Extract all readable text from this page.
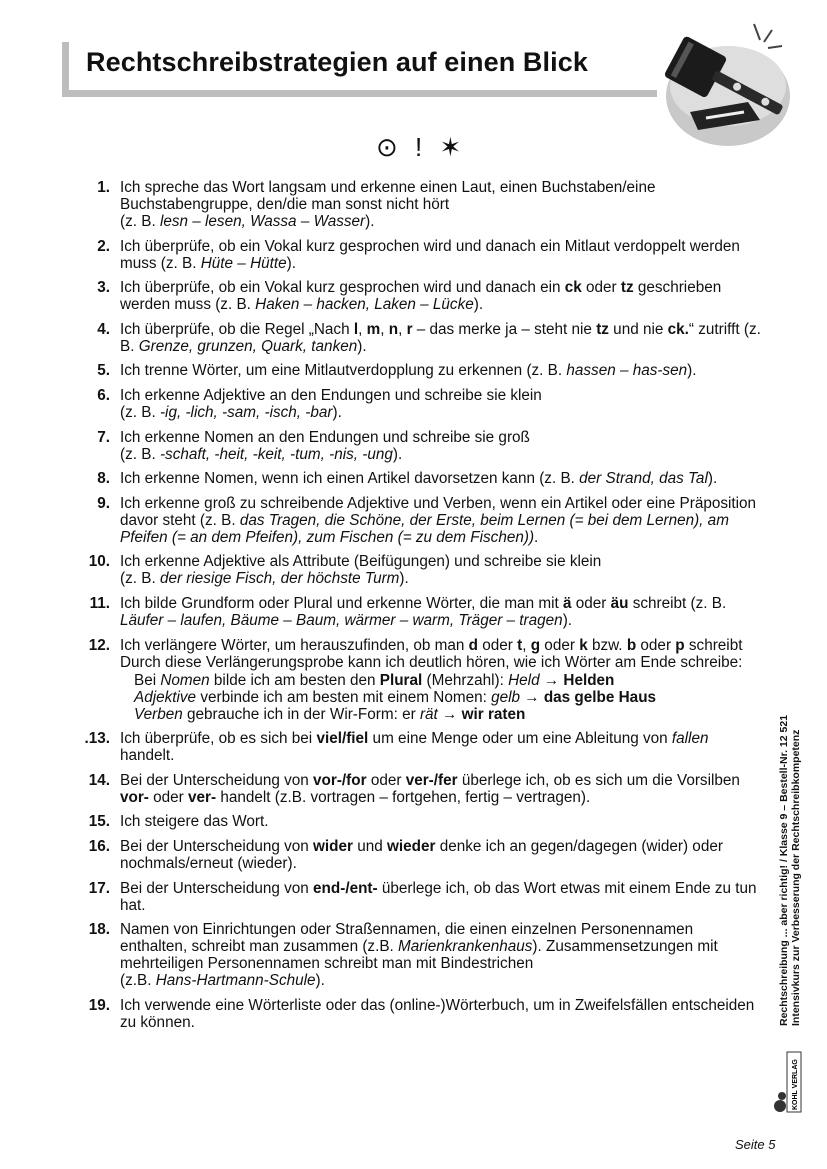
Rechtschreibstrategien auf einen Blick
⊙ ! ✶
1. Ich spreche das Wort langsam und erkenne einen Laut, einen Buchstaben/eine Buchstabengruppe, den/die man sonst nicht hört
(z. B. lesn – lesen, Wassa – Wasser).
2. Ich überprüfe, ob ein Vokal kurz gesprochen wird und danach ein Mitlaut verdoppelt werden muss (z. B. Hüte – Hütte).
3. Ich überprüfe, ob ein Vokal kurz gesprochen wird und danach ein ck oder tz geschrieben werden muss (z. B. Haken – hacken, Laken – Lücke).
4. Ich überprüfe, ob die Regel „Nach l, m, n, r – das merke ja – steht nie tz und nie ck.“ zutrifft (z. B. Grenze, grunzen, Quark, tanken).
5. Ich trenne Wörter, um eine Mitlautverdopplung zu erkennen (z. B. hassen – has-sen).
6. Ich erkenne Adjektive an den Endungen und schreibe sie klein
(z. B. -ig, -lich, -sam, -isch, -bar).
7. Ich erkenne Nomen an den Endungen und schreibe sie groß
(z. B. -schaft, -heit, -keit, -tum, -nis, -ung).
8. Ich erkenne Nomen, wenn ich einen Artikel davorsetzen kann (z. B. der Strand, das Tal).
9. Ich erkenne groß zu schreibende Adjektive und Verben, wenn ein Artikel oder eine Präposition davor steht (z. B. das Tragen, die Schöne, der Erste, beim Lernen (= bei dem Lernen), am Pfeifen (= an dem Pfeifen), zum Fischen (= zu dem Fischen)).
10. Ich erkenne Adjektive als Attribute (Beifügungen) und schreibe sie klein
(z. B. der riesige Fisch, der höchste Turm).
11. Ich bilde Grundform oder Plural und erkenne Wörter, die man mit ä oder äu schreibt (z. B. Läufer – laufen, Bäume – Baum, wärmer – warm, Träger – tragen).
12. Ich verlängere Wörter, um herauszufinden, ob man d oder t, g oder k bzw. b oder p schreibt Durch diese Verlängerungsprobe kann ich deutlich hören, wie ich Wörter am Ende schreibe:
Bei Nomen bilde ich am besten den Plural (Mehrzahl): Held → Helden
Adjektive verbinde ich am besten mit einem Nomen: gelb → das gelbe Haus
Verben gebrauche ich in der Wir-Form: er rät → wir raten
.13. Ich überprüfe, ob es sich bei viel/fiel um eine Menge oder um eine Ableitung von fallen handelt.
14. Bei der Unterscheidung von vor-/for oder ver-/fer überlege ich, ob es sich um die Vorsilben vor- oder ver- handelt (z.B. vortragen – fortgehen, fertig – vertragen).
15. Ich steigere das Wort.
16. Bei der Unterscheidung von wider und wieder denke ich an gegen/dagegen (wider) oder nochmals/erneut (wieder).
17. Bei der Unterscheidung von end-/ent- überlege ich, ob das Wort etwas mit einem Ende zu tun hat.
18. Namen von Einrichtungen oder Straßennamen, die einen einzelnen Personennamen enthalten, schreibt man zusammen (z.B. Marienkrankenhaus). Zusammensetzungen mit mehrteiligen Personennamen schreibt man mit Bindestrichen
(z.B. Hans-Hartmann-Schule).
19. Ich verwende eine Wörterliste oder das (online-)Wörterbuch, um in Zweifelsfällen entscheiden zu können.	Rechtschreibung ... aber richtig! / Klasse 9 – Bestell-Nr. 12 521 Intensivkurs zur Verbesserung der Rechtschreibkompetenz
KOHL VERLAG
Seite 5
